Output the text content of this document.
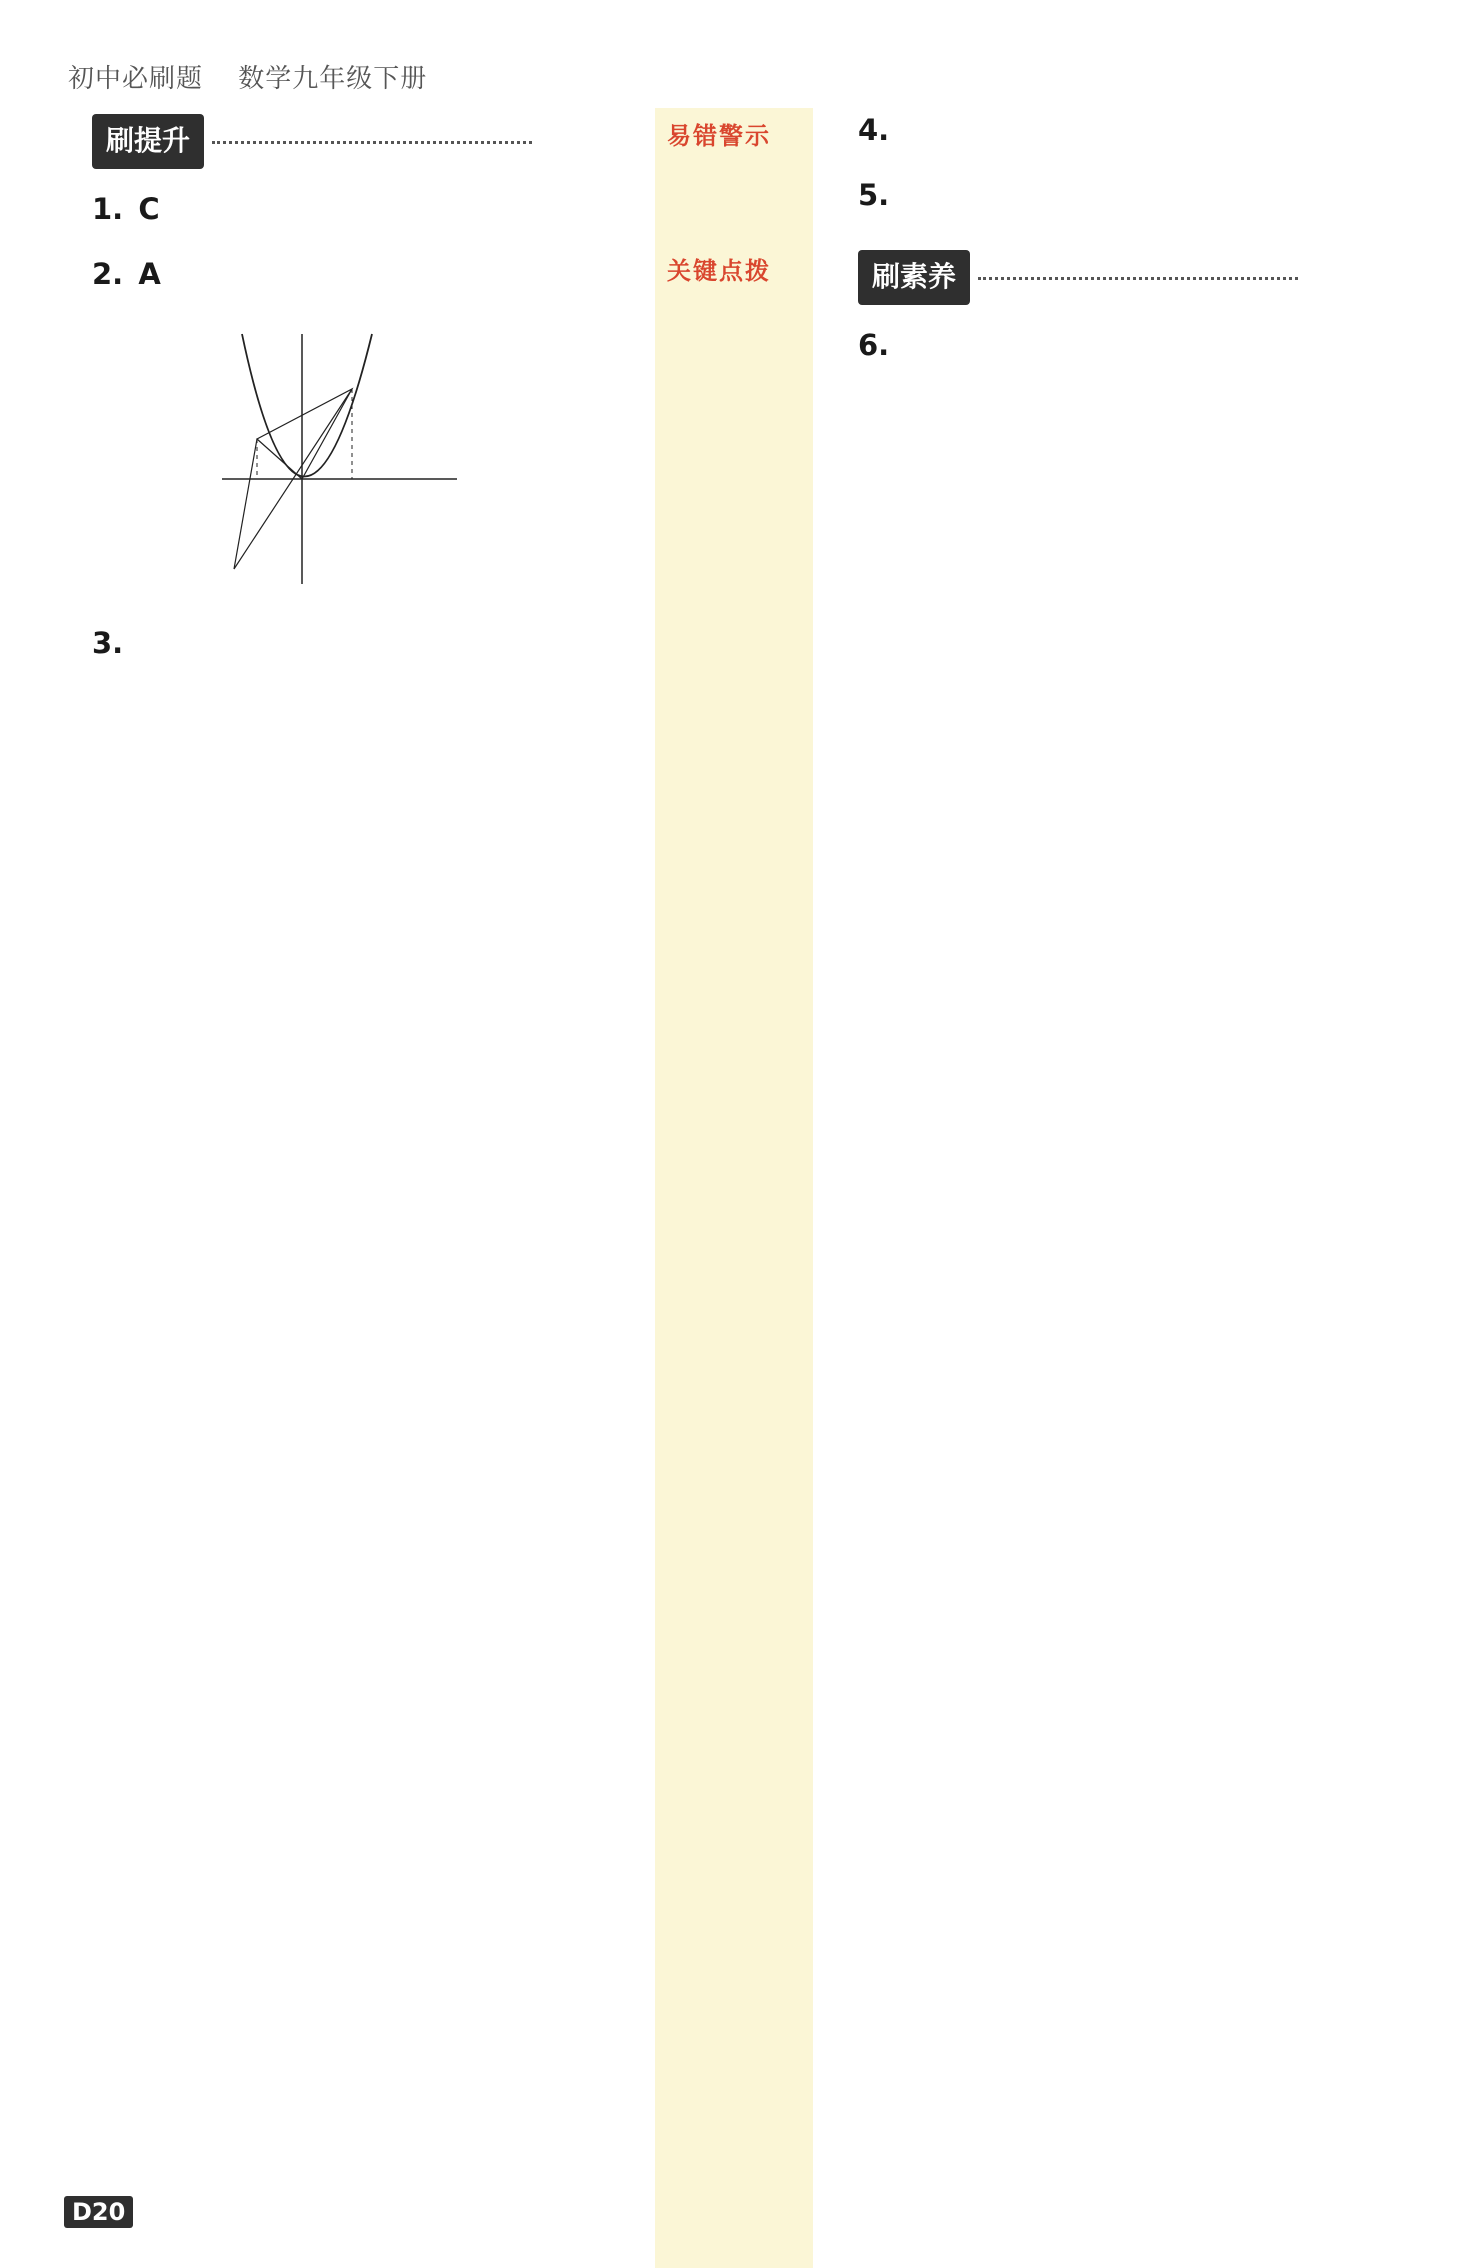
初中必刷题 数学九年级下册
刷提升
1. C
2. A
3.
易错警示
关键点拨
4.
5.
刷素养
6.
D20
